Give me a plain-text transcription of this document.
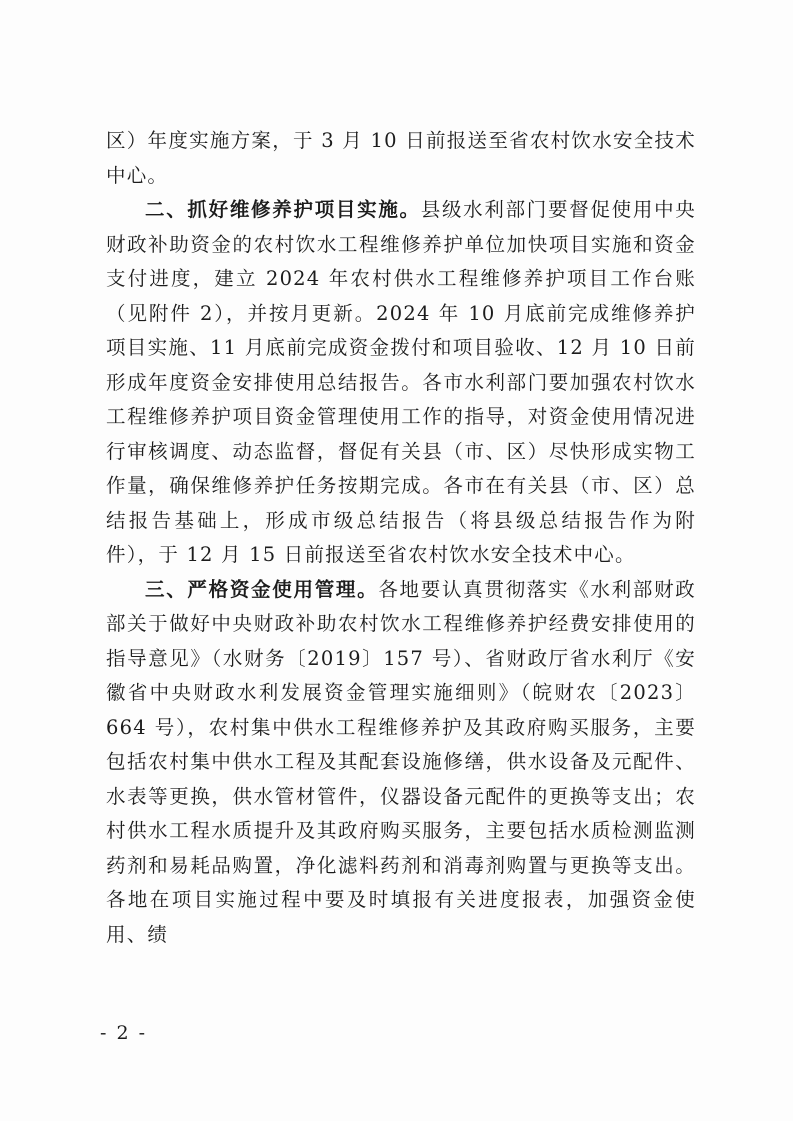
区）年度实施方案，于 3 月 10 日前报送至省农村饮水安全技术中心。

二、抓好维修养护项目实施。县级水利部门要督促使用中央财政补助资金的农村饮水工程维修养护单位加快项目实施和资金支付进度，建立 2024 年农村供水工程维修养护项目工作台账（见附件 2），并按月更新。2024 年 10 月底前完成维修养护项目实施、11 月底前完成资金拨付和项目验收、12 月 10 日前形成年度资金安排使用总结报告。各市水利部门要加强农村饮水工程维修养护项目资金管理使用工作的指导，对资金使用情况进行审核调度、动态监督，督促有关县（市、区）尽快形成实物工作量，确保维修养护任务按期完成。各市在有关县（市、区）总结报告基础上，形成市级总结报告（将县级总结报告作为附件），于 12 月 15 日前报送至省农村饮水安全技术中心。

三、严格资金使用管理。各地要认真贯彻落实《水利部财政部关于做好中央财政补助农村饮水工程维修养护经费安排使用的指导意见》（水财务〔2019〕157 号）、省财政厅省水利厅《安徽省中央财政水利发展资金管理实施细则》（皖财农〔2023〕664 号），农村集中供水工程维修养护及其政府购买服务，主要包括农村集中供水工程及其配套设施修缮，供水设备及元配件、水表等更换，供水管材管件，仪器设备元配件的更换等支出；农村供水工程水质提升及其政府购买服务，主要包括水质检测监测药剂和易耗品购置，净化滤料药剂和消毒剂购置与更换等支出。各地在项目实施过程中要及时填报有关进度报表，加强资金使用、绩

- 2 -
